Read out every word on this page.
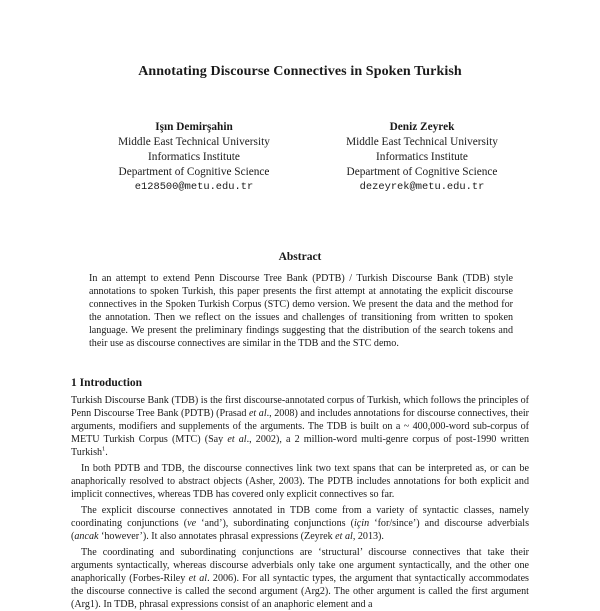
Annotating Discourse Connectives in Spoken Turkish
Işın Demirşahin
Middle East Technical University
Informatics Institute
Department of Cognitive Science
e128500@metu.edu.tr
Deniz Zeyrek
Middle East Technical University
Informatics Institute
Department of Cognitive Science
dezeyrek@metu.edu.tr
Abstract
In an attempt to extend Penn Discourse Tree Bank (PDTB) / Turkish Discourse Bank (TDB) style annotations to spoken Turkish, this paper presents the first attempt at annotating the explicit discourse connectives in the Spoken Turkish Corpus (STC) demo version. We present the data and the method for the annotation. Then we reflect on the issues and challenges of transitioning from written to spoken language. We present the preliminary findings suggesting that the distribution of the search tokens and their use as discourse connectives are similar in the TDB and the STC demo.
1 Introduction

Turkish Discourse Bank (TDB) is the first discourse-annotated corpus of Turkish, which follows the principles of Penn Discourse Tree Bank (PDTB) (Prasad et al., 2008) and includes annotations for discourse connectives, their arguments, modifiers and supplements of the arguments. The TDB is built on a ~ 400,000-word sub-corpus of METU Turkish Corpus (MTC) (Say et al., 2002), a 2 million-word multi-genre corpus of post-1990 written Turkish$^1$.

In both PDTB and TDB, the discourse connectives link two text spans that can be interpreted as, or can be anaphorically resolved to abstract objects (Asher, 2003). The PDTB includes annotations for both explicit and implicit connectives, whereas TDB has covered only explicit connectives so far.

The explicit discourse connectives annotated in TDB come from a variety of syntactic classes, namely coordinating conjunctions (ve ‘and’), subordinating conjunctions (için ‘for/since’) and discourse adverbials (ancak ‘however’). It also annotates phrasal expressions (Zeyrek et al, 2013).

The coordinating and subordinating conjunctions are ‘structural’ discourse connectives that take their arguments syntactically, whereas discourse adverbials only take one argument syntactically, and the other one anaphorically (Forbes-Riley et al. 2006). For all syntactic types, the argument that syntactically accommodates the discourse connective is called the second argument (Arg2). The other argument is called the first argument (Arg1). In TDB, phrasal expressions consist of an anaphoric element and a
